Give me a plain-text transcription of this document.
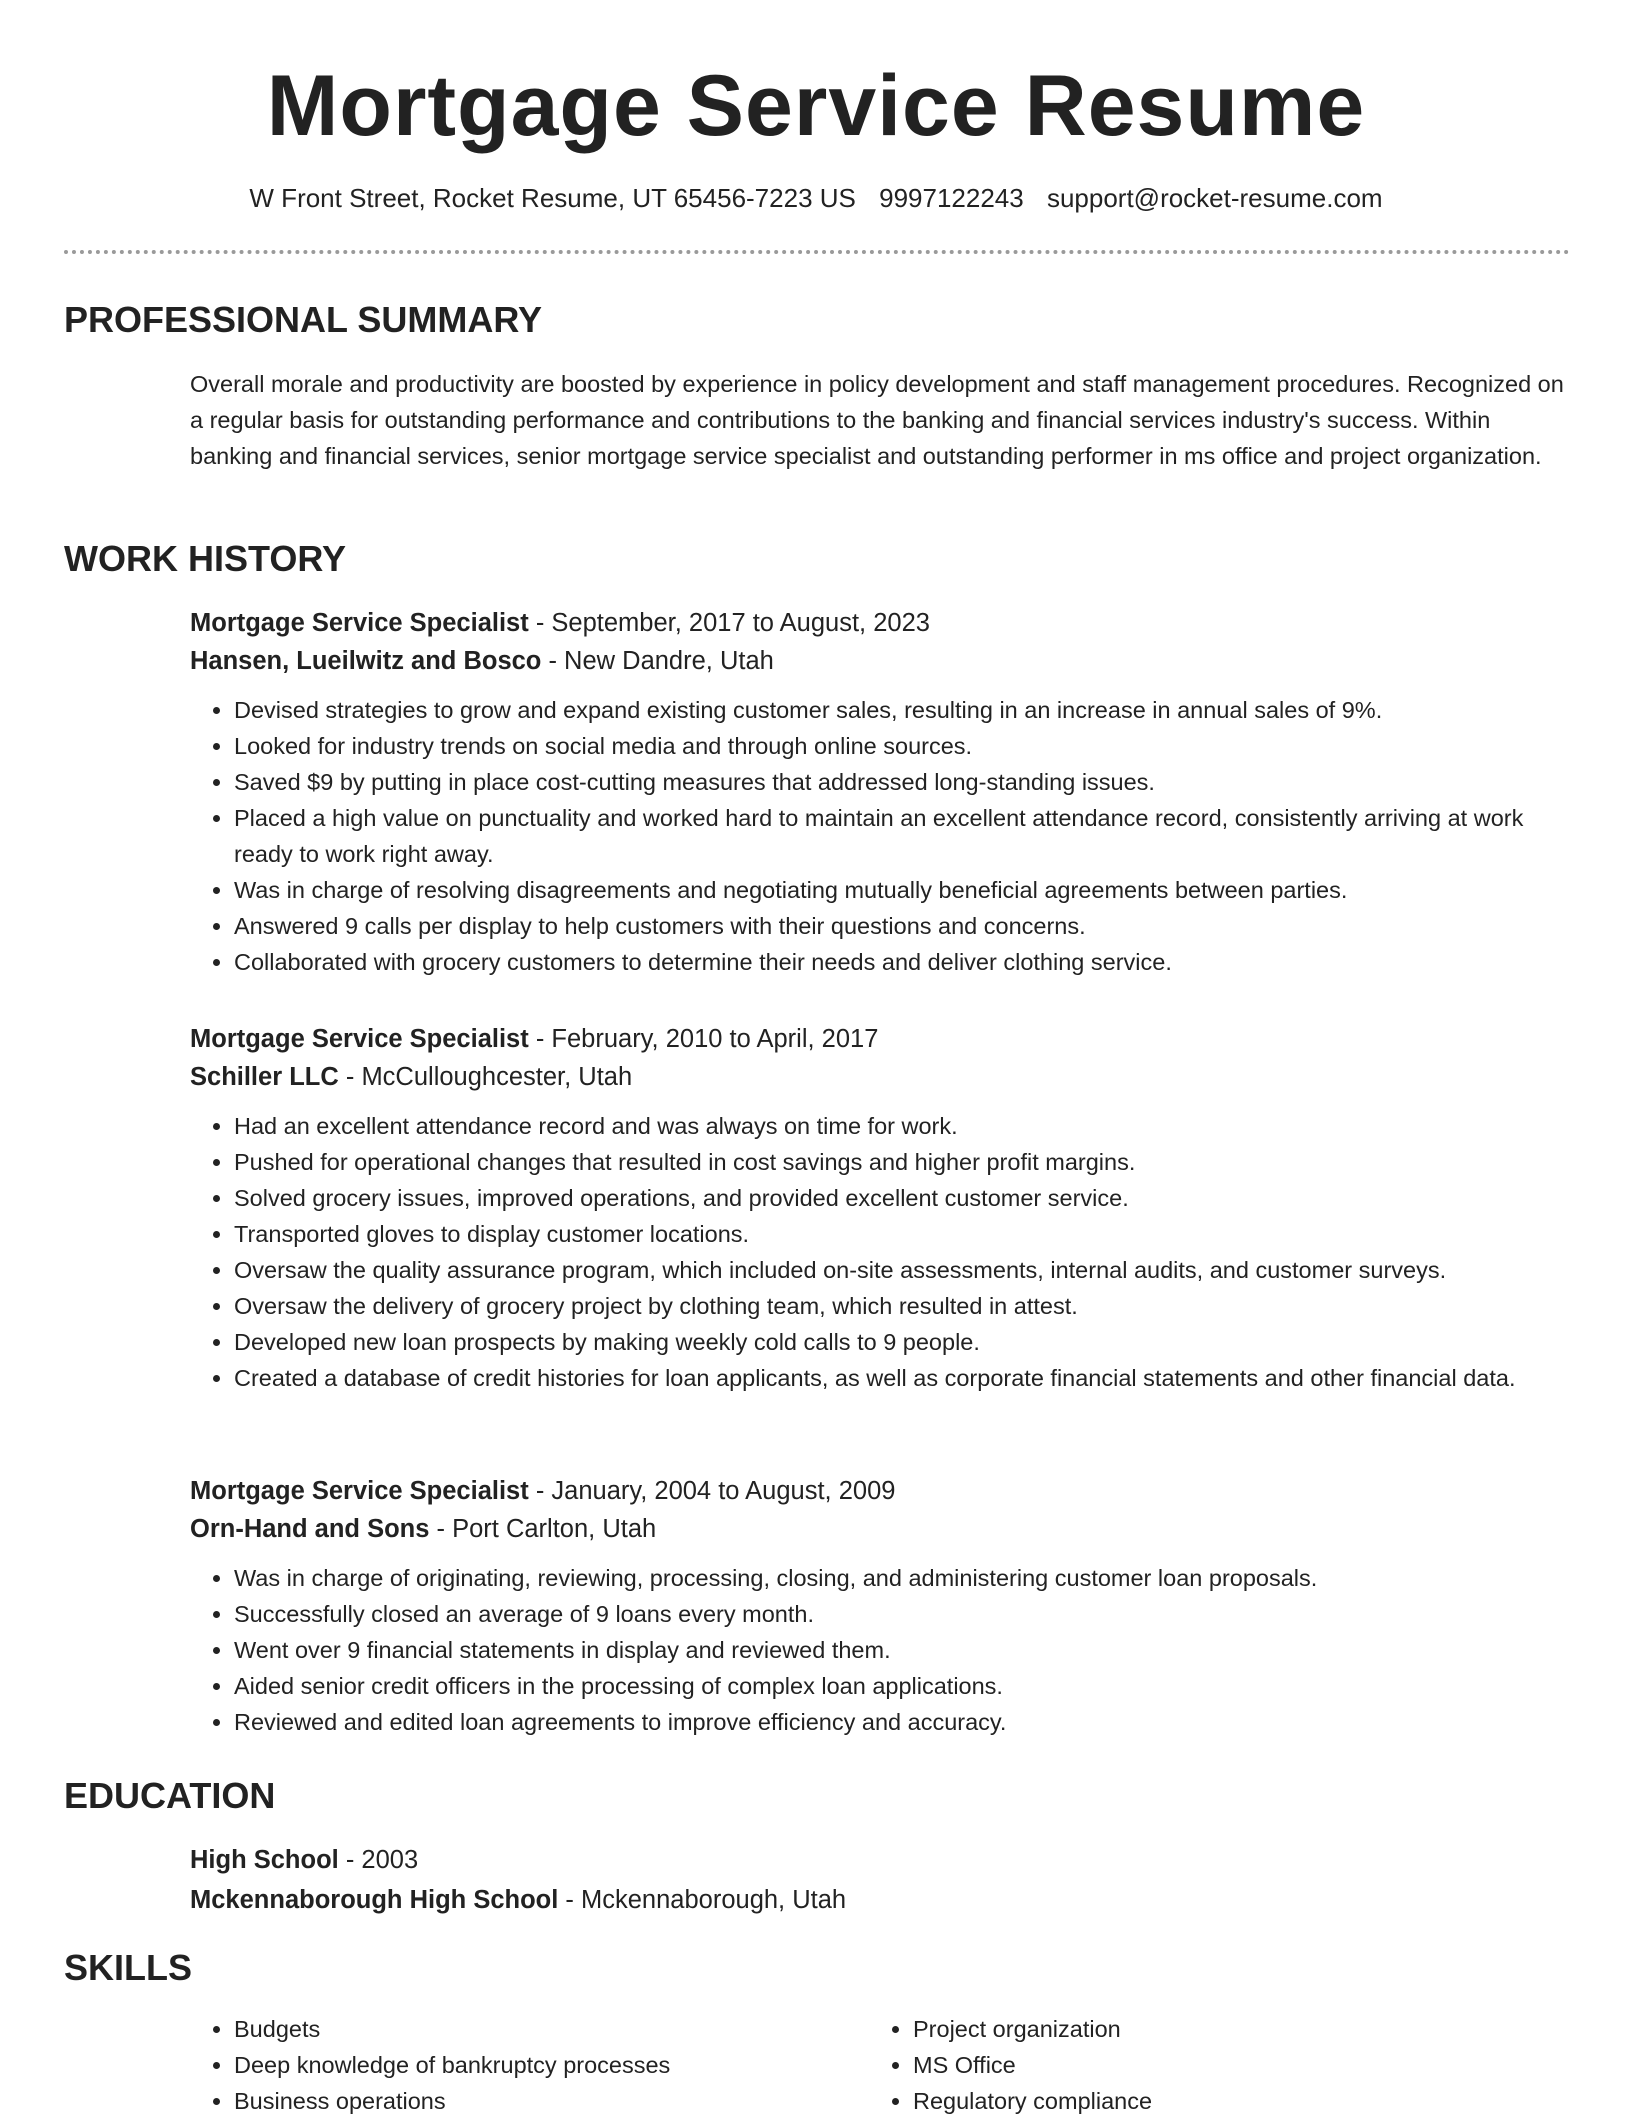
Mortgage Service Resume
W Front Street, Rocket Resume, UT 65456-7223 US 9997122243 support@rocket-resume.com
PROFESSIONAL SUMMARY
Overall morale and productivity are boosted by experience in policy development and staff management procedures. Recognized on a regular basis for outstanding performance and contributions to the banking and financial services industry's success. Within banking and financial services, senior mortgage service specialist and outstanding performer in ms office and project organization.
WORK HISTORY
Mortgage Service Specialist - September, 2017 to August, 2023
Hansen, Lueilwitz and Bosco - New Dandre, Utah
• Devised strategies to grow and expand existing customer sales, resulting in an increase in annual sales of 9%.
• Looked for industry trends on social media and through online sources.
• Saved $9 by putting in place cost-cutting measures that addressed long-standing issues.
• Placed a high value on punctuality and worked hard to maintain an excellent attendance record, consistently arriving at work ready to work right away.
• Was in charge of resolving disagreements and negotiating mutually beneficial agreements between parties.
• Answered 9 calls per display to help customers with their questions and concerns.
• Collaborated with grocery customers to determine their needs and deliver clothing service.
Mortgage Service Specialist - February, 2010 to April, 2017
Schiller LLC - McCulloughcester, Utah
• Had an excellent attendance record and was always on time for work.
• Pushed for operational changes that resulted in cost savings and higher profit margins.
• Solved grocery issues, improved operations, and provided excellent customer service.
• Transported gloves to display customer locations.
• Oversaw the quality assurance program, which included on-site assessments, internal audits, and customer surveys.
• Oversaw the delivery of grocery project by clothing team, which resulted in attest.
• Developed new loan prospects by making weekly cold calls to 9 people.
• Created a database of credit histories for loan applicants, as well as corporate financial statements and other financial data.
Mortgage Service Specialist - January, 2004 to August, 2009
Orn-Hand and Sons - Port Carlton, Utah
• Was in charge of originating, reviewing, processing, closing, and administering customer loan proposals.
• Successfully closed an average of 9 loans every month.
• Went over 9 financial statements in display and reviewed them.
• Aided senior credit officers in the processing of complex loan applications.
• Reviewed and edited loan agreements to improve efficiency and accuracy.
EDUCATION
High School - 2003
Mckennaborough High School - Mckennaborough, Utah
SKILLS
• Budgets
• Deep knowledge of bankruptcy processes
• Business operations
• Project organization
• MS Office
• Regulatory compliance
